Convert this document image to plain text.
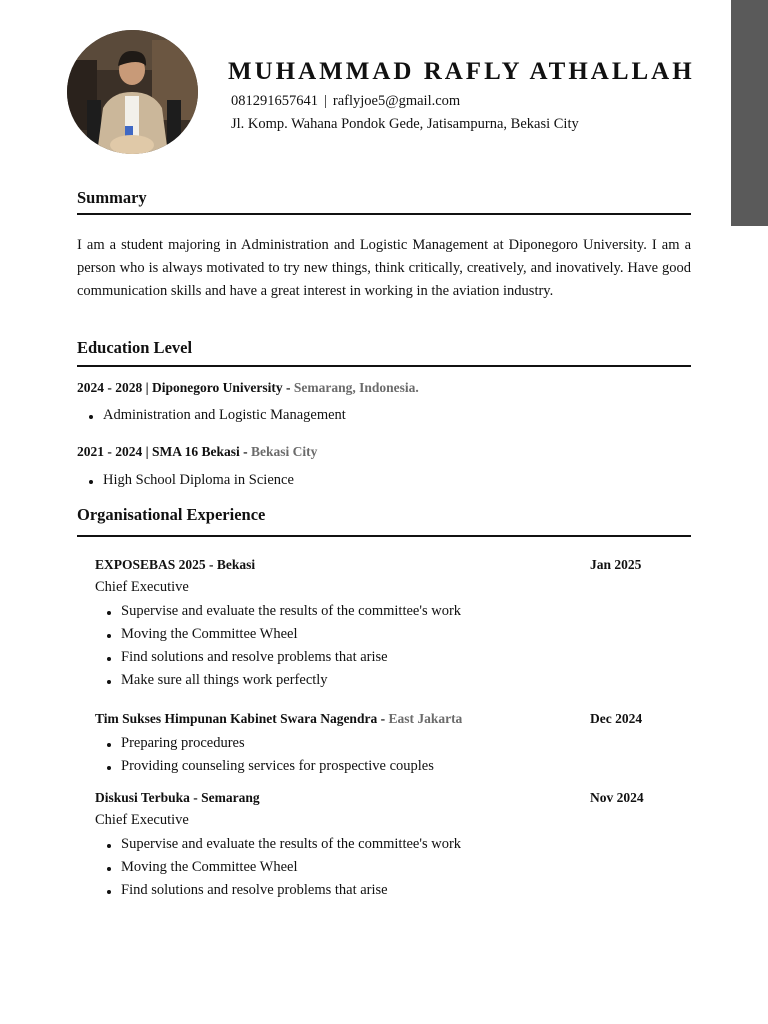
MUHAMMAD RAFLY ATHALLAH
081291657641 | raflyjoe5@gmail.com
Jl. Komp. Wahana Pondok Gede, Jatisampurna, Bekasi City
Summary
I am a student majoring in Administration and Logistic Management at Diponegoro University. I am a person who is always motivated to try new things, think critically, creatively, and inovatively. Have good communication skills and have a great interest in working in the aviation industry.
Education Level
2024 - 2028 | Diponegoro University - Semarang, Indonesia.
Administration and Logistic Management
2021 - 2024 | SMA 16 Bekasi - Bekasi City
High School Diploma in Science
Organisational Experience
EXPOSEBAS 2025 - Bekasi	Jan 2025
Chief Executive
Supervise and evaluate the results of the committee's work
Moving the Committee Wheel
Find solutions and resolve problems that arise
Make sure all things work perfectly
Tim Sukses Himpunan Kabinet Swara Nagendra - East Jakarta	Dec 2024
Preparing procedures
Providing counseling services for prospective couples
Diskusi Terbuka - Semarang	Nov 2024
Chief Executive
Supervise and evaluate the results of the committee's work
Moving the Committee Wheel
Find solutions and resolve problems that arise
